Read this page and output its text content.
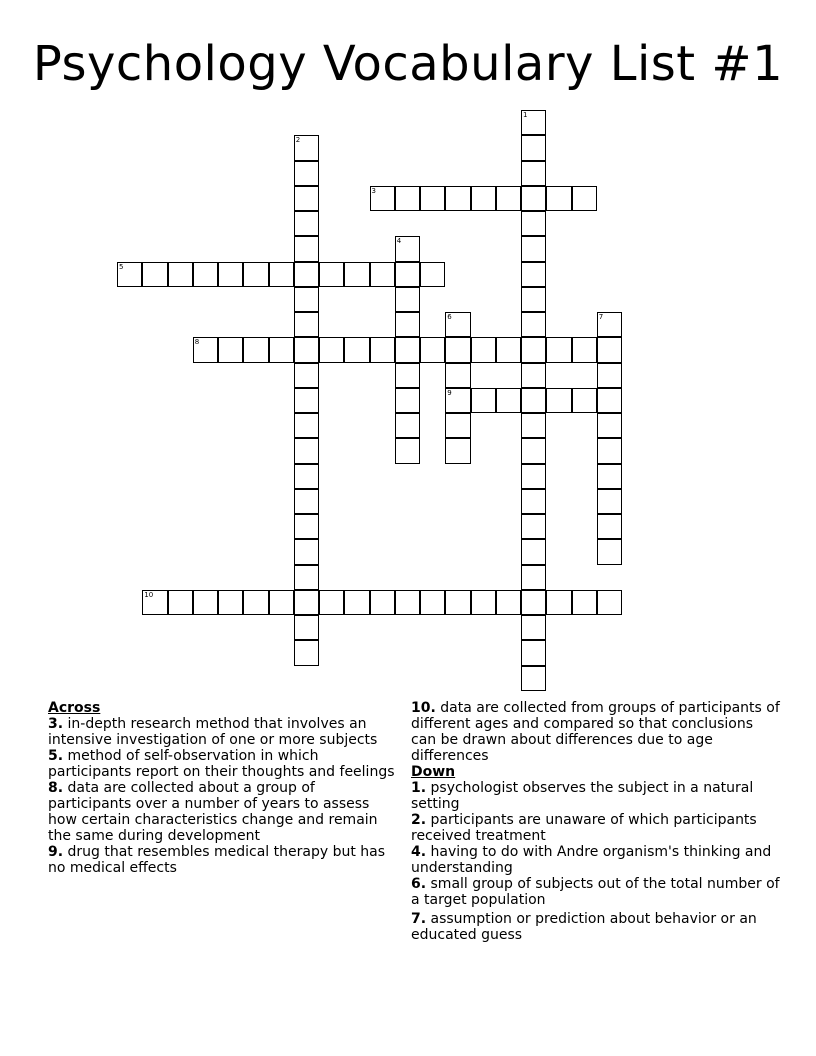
Psychology Vocabulary List #1
1
2
3
4
5
6
9
7
8
10
Across
3. in-depth research method that involves an intensive investigation of one or more subjects
5. method of self-observation in which participants report on their thoughts and feelings
8. data are collected about a group of participants over a number of years to assess how certain characteristics change and remain the same during development
9. drug that resembles medical therapy but has no medical effects
10. data are collected from groups of participants of different ages and compared so that conclusions can be drawn about differences due to age differences
Down
1. psychologist observes the subject in a natural setting
2. participants are unaware of which participants received treatment
4. having to do with Andre organism's thinking and understanding
6. small group of subjects out of the total number of a target population
7. assumption or prediction about behavior or an educated guess
